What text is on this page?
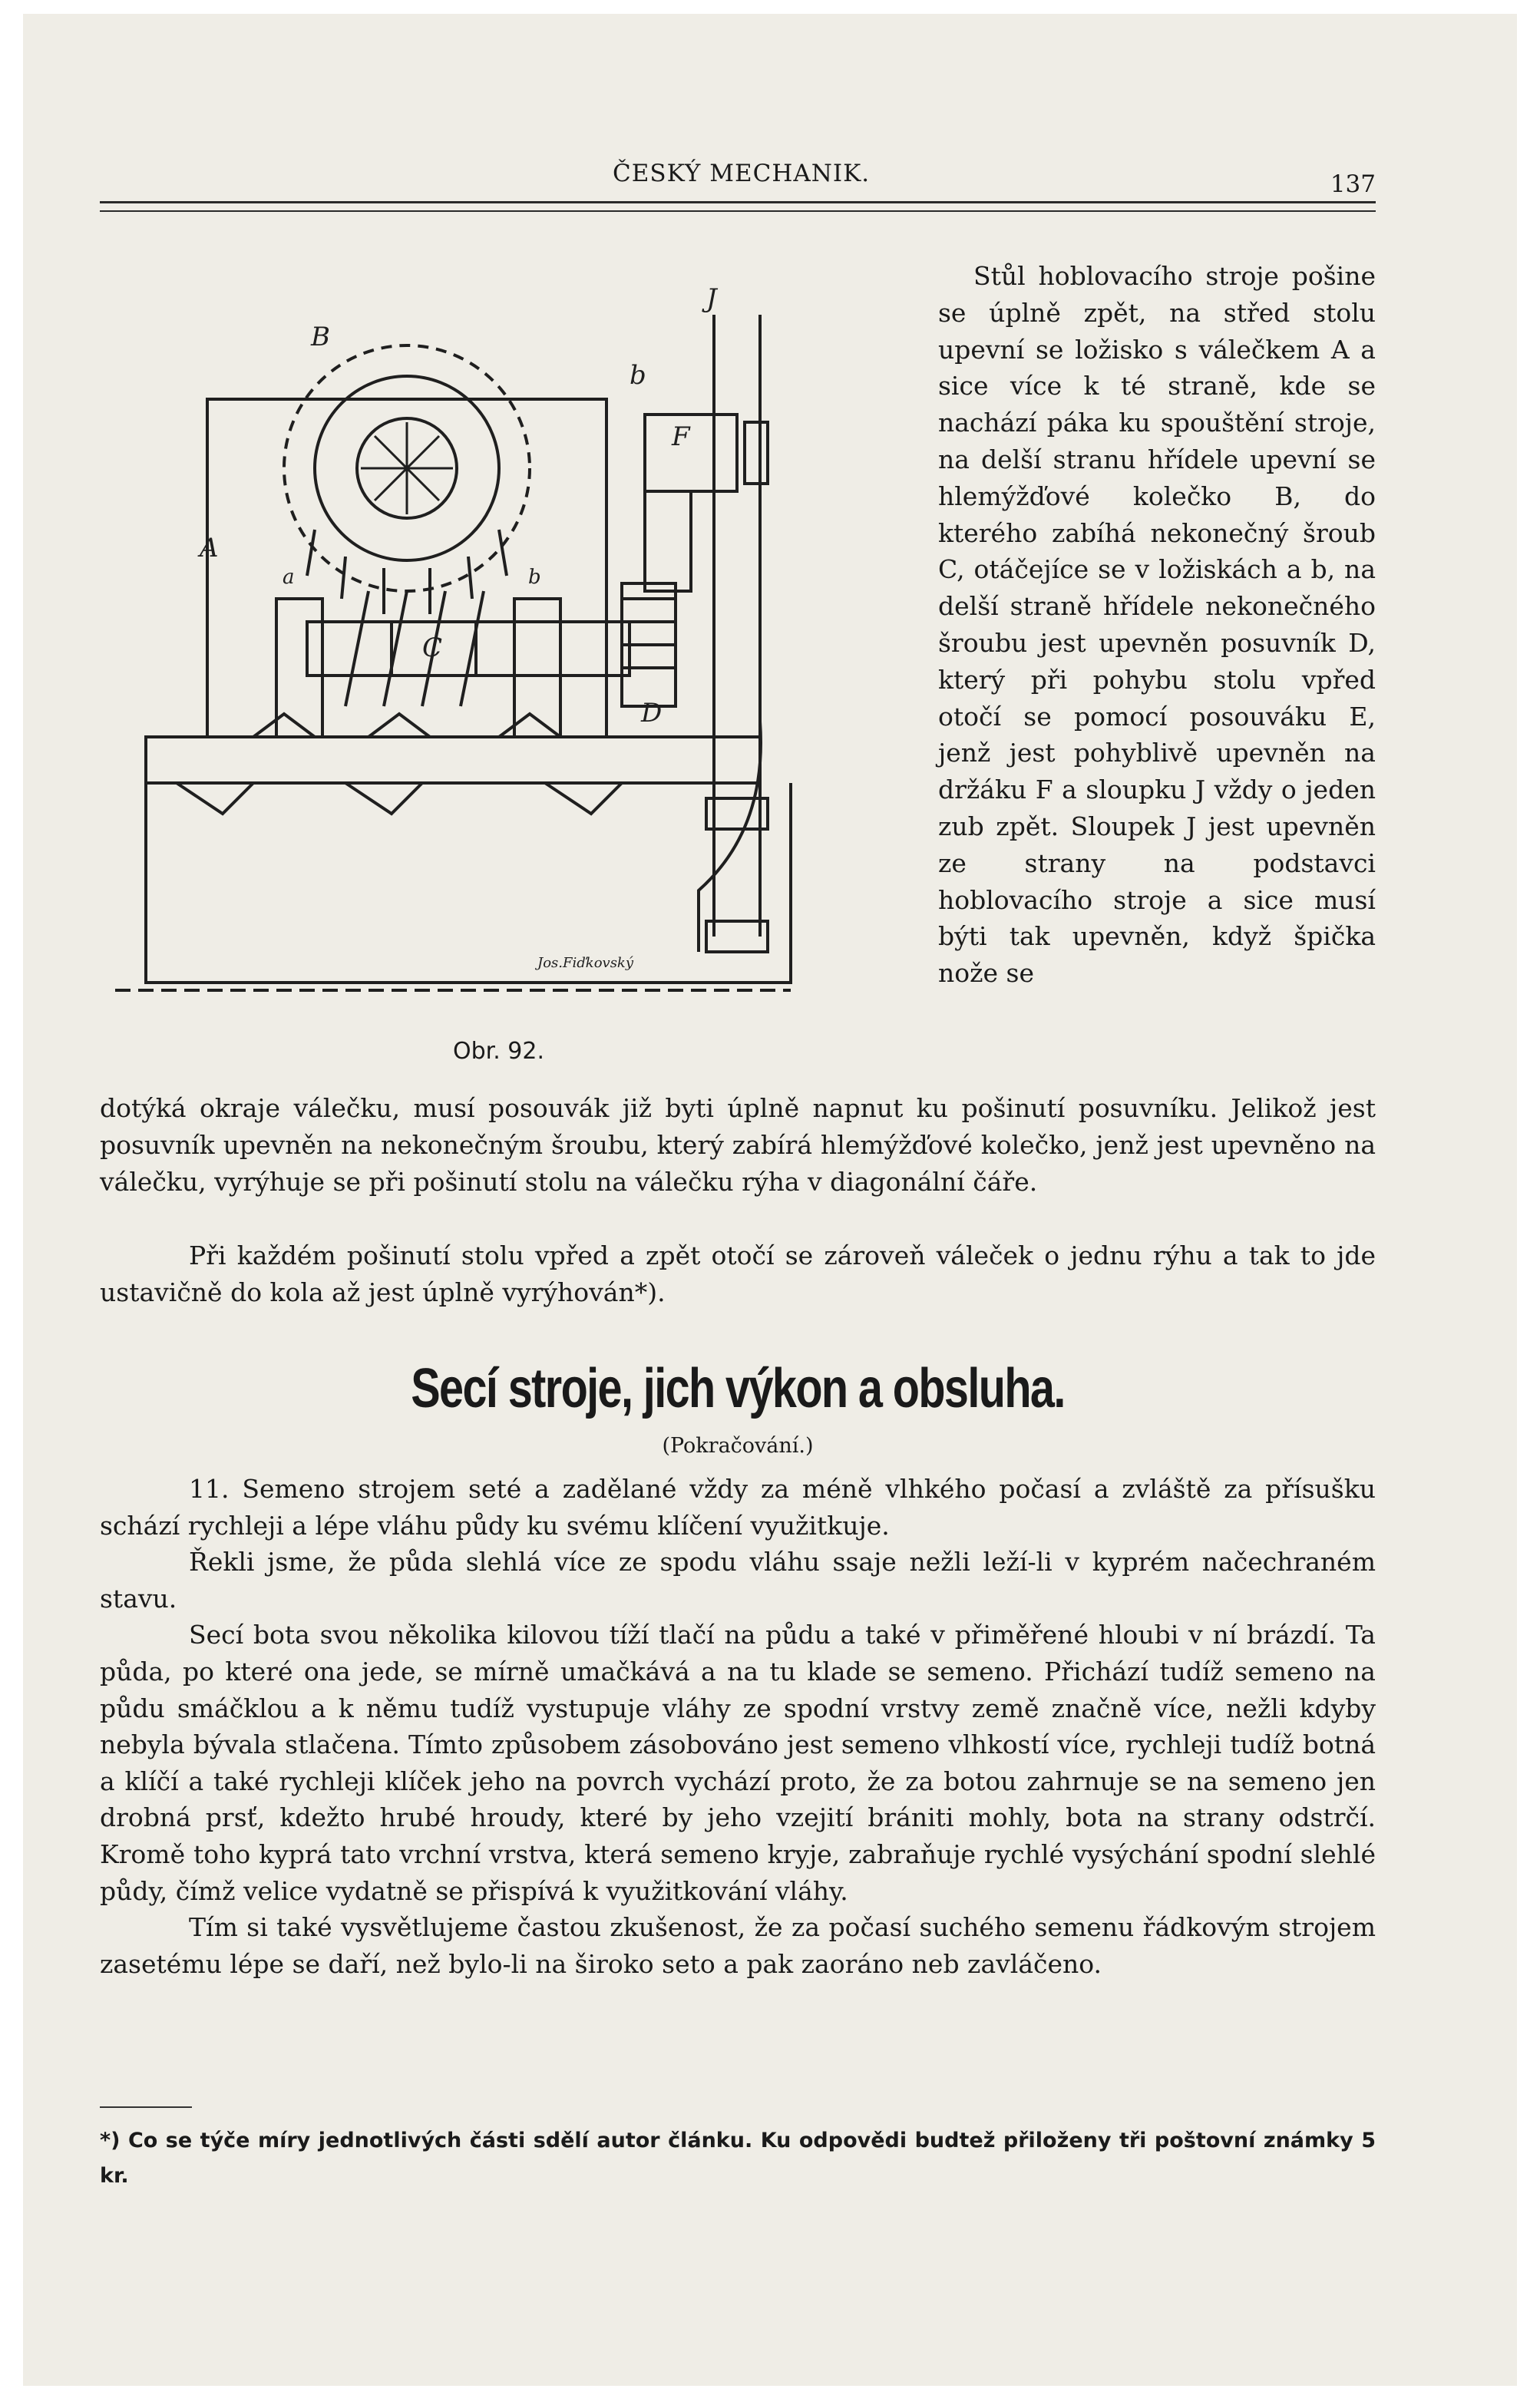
ČESKÝ MECHANIK.	137
B
J
b
F
A
a	b
C
D
Jos.Fiďkovský
Obr. 92.
Stůl hoblovacího stroje pošine se úplně zpět, na střed stolu upevní se ložisko s válečkem A a sice více k té straně, kde se nachází páka ku spouštění stroje, na delší stranu hřídele upevní se hlemýžďové kolečko B, do kterého zabíhá nekonečný šroub C, otáčejíce se v ložiskách a b, na delší straně hřídele nekonečného šroubu jest upevněn posuvník D, který při pohybu stolu vpřed otočí se pomocí posouváku E, jenž jest pohyblivě upevněn na držáku F a sloupku J vždy o jeden zub zpět. Sloupek J jest upevněn ze strany na podstavci hoblovacího stroje a sice musí býti tak upevněn, když špička nože se
dotýká okraje válečku, musí posouvák již byti úplně napnut ku pošinutí posuvníku. Jelikož jest posuvník upevněn na nekonečným šroubu, který zabírá hlemýžďové kolečko, jenž jest upevněno na válečku, vyrýhuje se při pošinutí stolu na válečku rýha v diagonální čáře.
Při každém pošinutí stolu vpřed a zpět otočí se zároveň váleček o jednu rýhu a tak to jde ustavičně do kola až jest úplně vyrýhován*).
Secí stroje, jich výkon a obsluha.
(Pokračování.)

11. Semeno strojem seté a zadělané vždy za méně vlhkého počasí a zvláště za přísušku schází rychleji a lépe vláhu půdy ku svému klíčení využitkuje.

Řekli jsme, že půda slehlá více ze spodu vláhu ssaje nežli leží-li v kyprém načechraném stavu.

Secí bota svou několika kilovou tíží tlačí na půdu a také v přiměřené hloubi v ní brázdí. Ta půda, po které ona jede, se mírně umačkává a na tu klade se semeno. Přichází tudíž semeno na půdu smáčklou a k němu tudíž vystupuje vláhy ze spodní vrstvy země značně více, nežli kdyby nebyla bývala stlačena. Tímto způsobem zásobováno jest semeno vlhkostí více, rychleji tudíž botná a klíčí a také rychleji klíček jeho na povrch vychází proto, že za botou zahrnuje se na semeno jen drobná prsť, kdežto hrubé hroudy, které by jeho vzejití brániti mohly, bota na strany odstrčí. Kromě toho kyprá tato vrchní vrstva, která semeno kryje, zabraňuje rychlé vysýchání spodní slehlé půdy, čímž velice vydatně se přispívá k využitkování vláhy.

Tím si také vysvětlujeme častou zkušenost, že za počasí suchého semenu řádkovým strojem zasetému lépe se daří, než bylo-li na široko seto a pak zaoráno neb zavláčeno.

*) Co se týče míry jednotlivých části sdělí autor článku. Ku odpovědi budtež přiloženy tři poštovní známky 5 kr.
